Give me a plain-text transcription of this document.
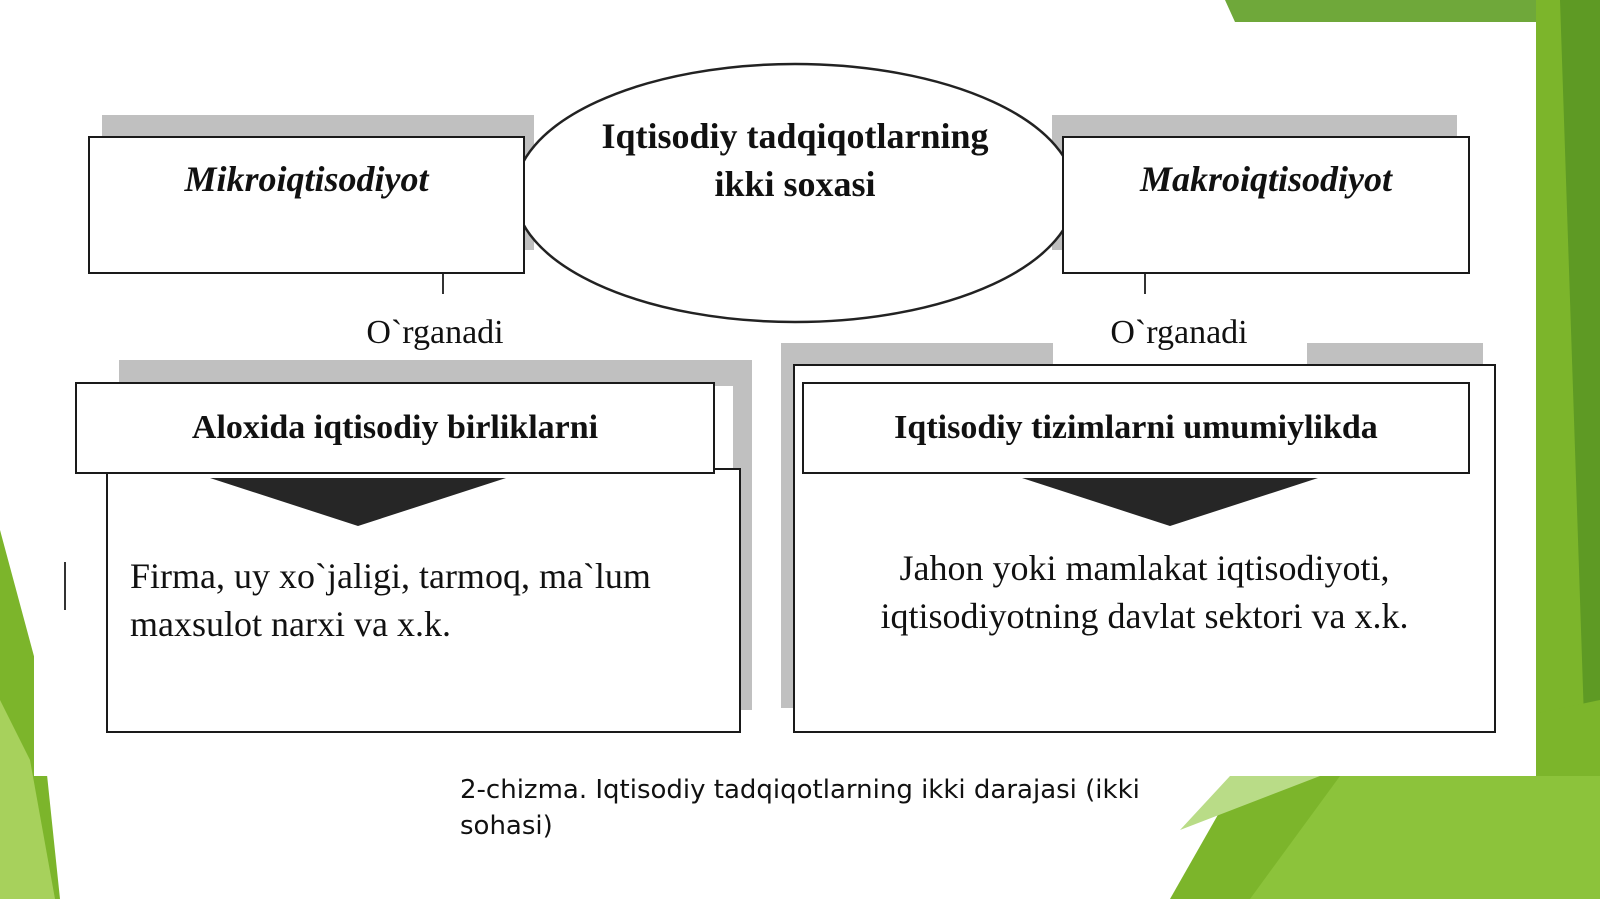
Mikroiqtisodiyot	Makroiqtisodiyot
Iqtisodiy tadqiqotlarning
ikki soxasi
O`rganadi	O`rganadi
Firma, uy xo`jaligi, tarmoq, ma`lum
maxsulot narxi va x.k.
Aloxida iqtisodiy birliklarni
Jahon yoki mamlakat iqtisodiyoti,
iqtisodiyotning davlat sektori va x.k.
Iqtisodiy tizimlarni umumiylikda
2-chizma. Iqtisodiy tadqiqotlarning ikki darajasi (ikki
sohasi)
